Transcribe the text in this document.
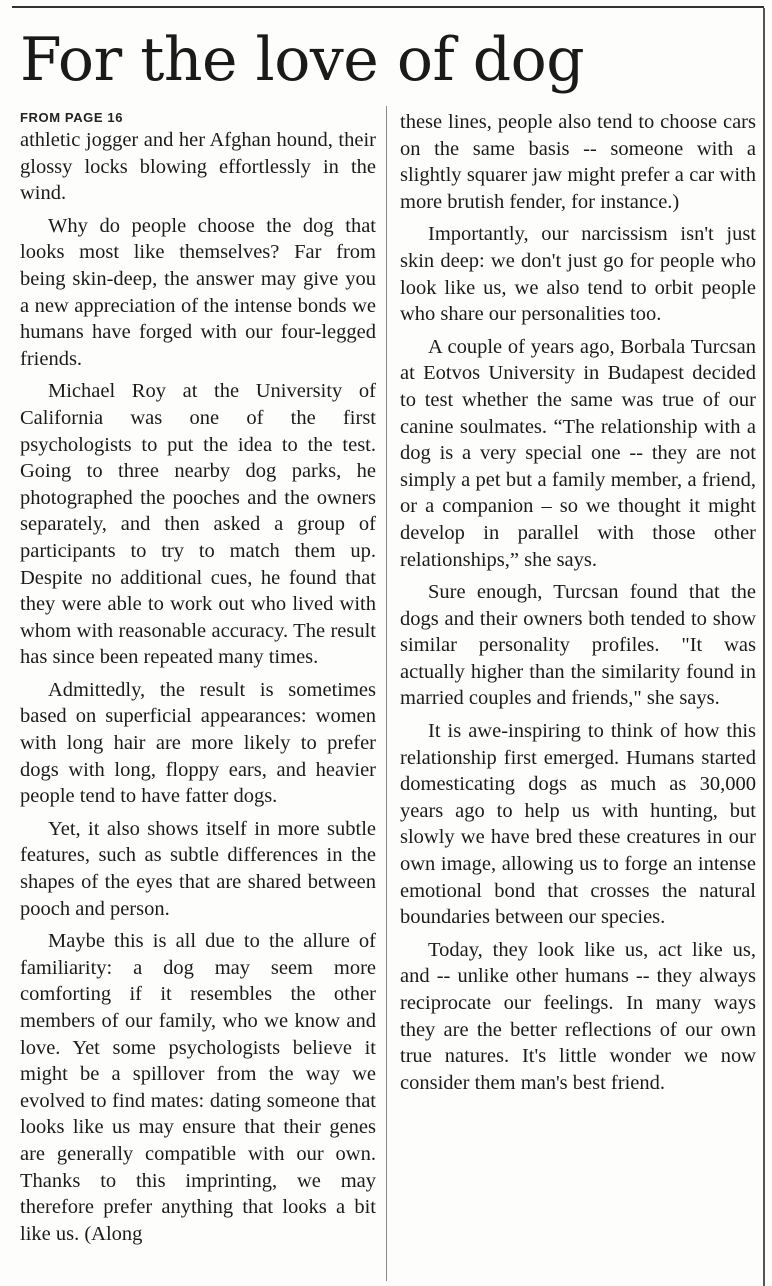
For the love of dog
FROM PAGE 16

athletic jogger and her Afghan hound, their glossy locks blowing effortlessly in the wind.

Why do people choose the dog that looks most like themselves? Far from being skin-deep, the answer may give you a new appreciation of the intense bonds we humans have forged with our four-legged friends.

Michael Roy at the University of California was one of the first psychologists to put the idea to the test. Going to three nearby dog parks, he photographed the pooches and the owners separately, and then asked a group of participants to try to match them up. Despite no additional cues, he found that they were able to work out who lived with whom with reasonable accuracy. The result has since been repeated many times.

Admittedly, the result is sometimes based on superficial appearances: women with long hair are more likely to prefer dogs with long, floppy ears, and heavier people tend to have fatter dogs.

Yet, it also shows itself in more subtle features, such as subtle differences in the shapes of the eyes that are shared between pooch and person.

Maybe this is all due to the allure of familiarity: a dog may seem more comforting if it resembles the other members of our family, who we know and love. Yet some psychologists believe it might be a spillover from the way we evolved to find mates: dating someone that looks like us may ensure that their genes are generally compatible with our own. Thanks to this imprinting, we may therefore prefer anything that looks a bit like us. (Along

these lines, people also tend to choose cars on the same basis -- someone with a slightly squarer jaw might prefer a car with more brutish fender, for instance.)

Importantly, our narcissism isn't just skin deep: we don't just go for people who look like us, we also tend to orbit people who share our personalities too.

A couple of years ago, Borbala Turcsan at Eotvos University in Budapest decided to test whether the same was true of our canine soulmates. “The relationship with a dog is a very special one -- they are not simply a pet but a family member, a friend, or a companion – so we thought it might develop in parallel with those other relationships,” she says.

Sure enough, Turcsan found that the dogs and their owners both tended to show similar personality profiles. "It was actually higher than the similarity found in married couples and friends," she says.

It is awe-inspiring to think of how this relationship first emerged. Humans started domesticating dogs as much as 30,000 years ago to help us with hunting, but slowly we have bred these creatures in our own image, allowing us to forge an intense emotional bond that crosses the natural boundaries between our species.

Today, they look like us, act like us, and -- unlike other humans -- they always reciprocate our feelings. In many ways they are the better reflections of our own true natures. It's little wonder we now consider them man's best friend.
